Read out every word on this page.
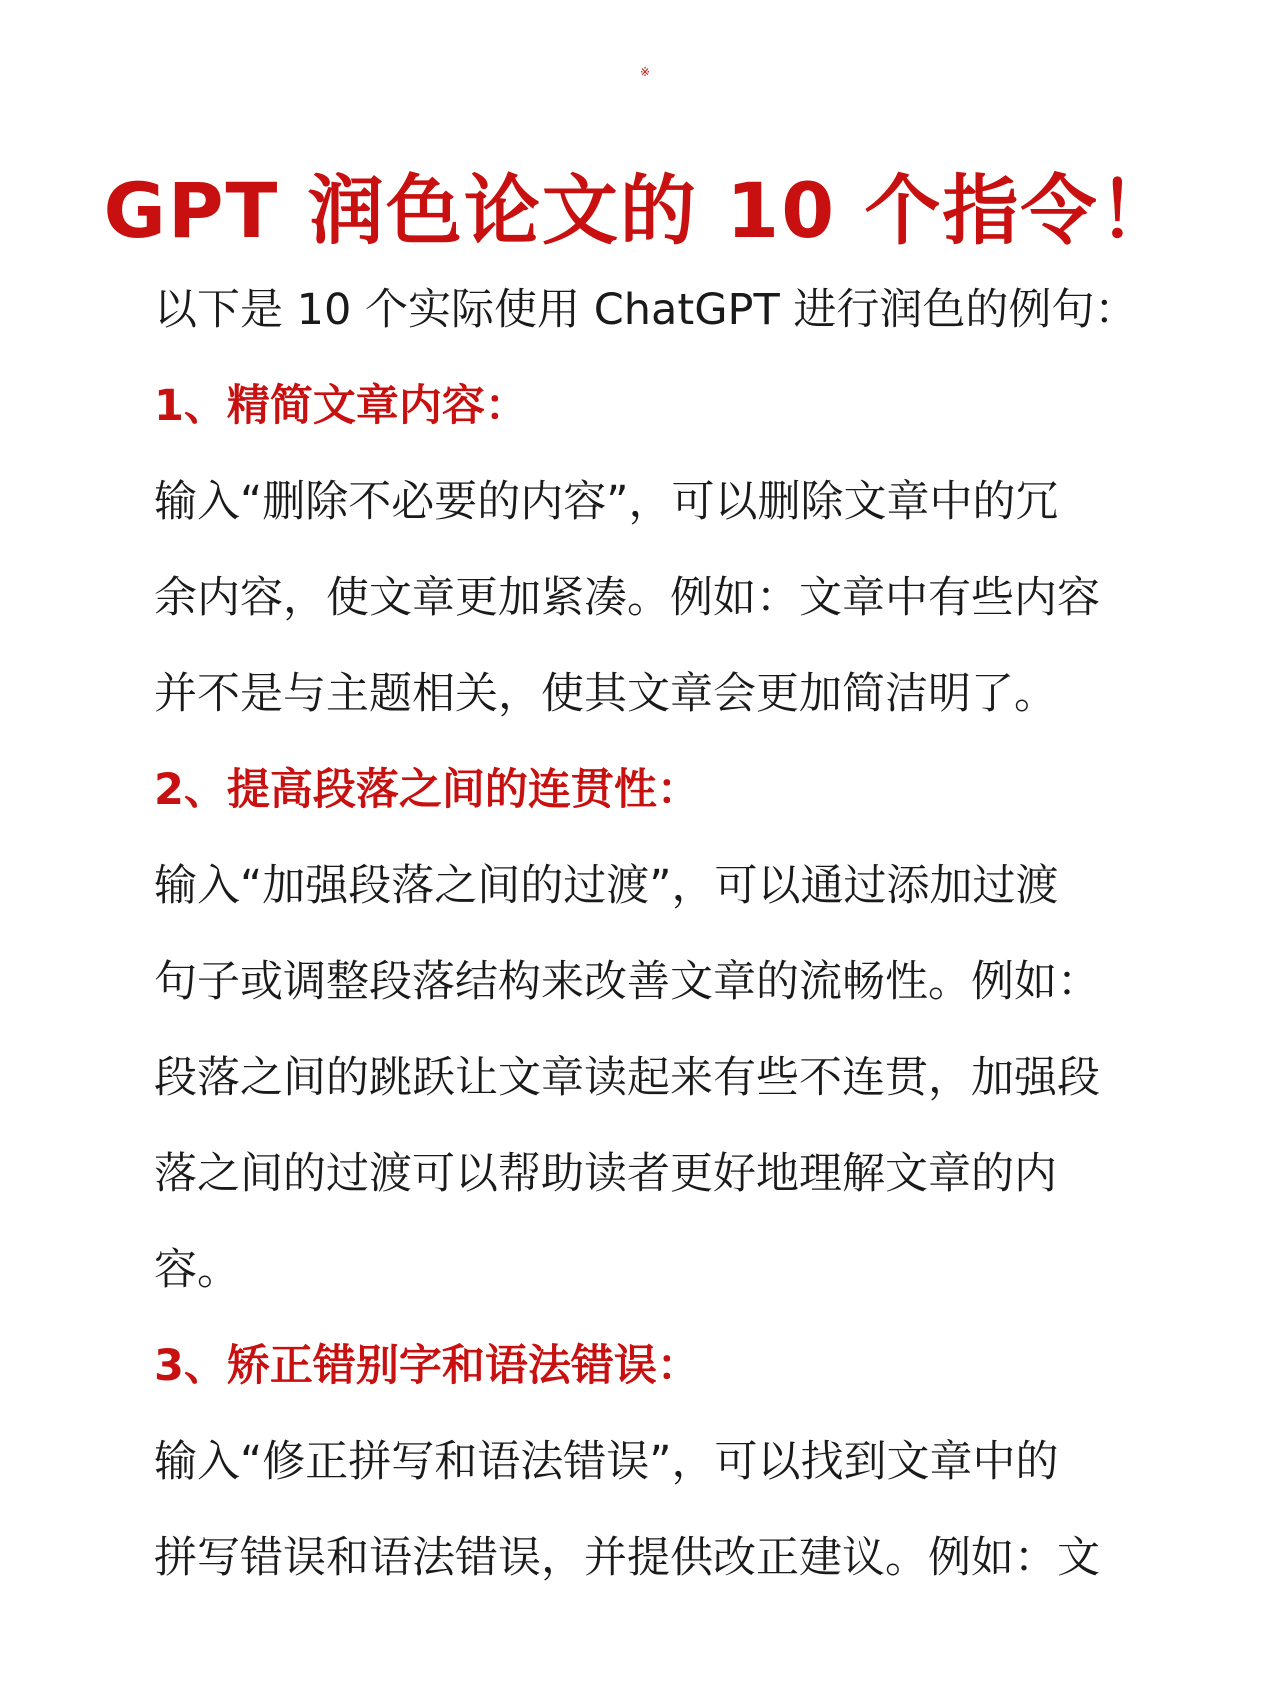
※
GPT 润色论文的 10 个指令！

以下是 10 个实际使用 ChatGPT 进行润色的例句：

1、精简文章内容：
输入“删除不必要的内容”，可以删除文章中的冗
余内容，使文章更加紧凑。例如：文章中有些内容
并不是与主题相关，使其文章会更加简洁明了。
2、提高段落之间的连贯性：
输入“加强段落之间的过渡”，可以通过添加过渡
句子或调整段落结构来改善文章的流畅性。例如：
段落之间的跳跃让文章读起来有些不连贯，加强段
落之间的过渡可以帮助读者更好地理解文章的内
容。
3、矫正错别字和语法错误：
输入“修正拼写和语法错误”，可以找到文章中的
拼写错误和语法错误，并提供改正建议。例如：文
